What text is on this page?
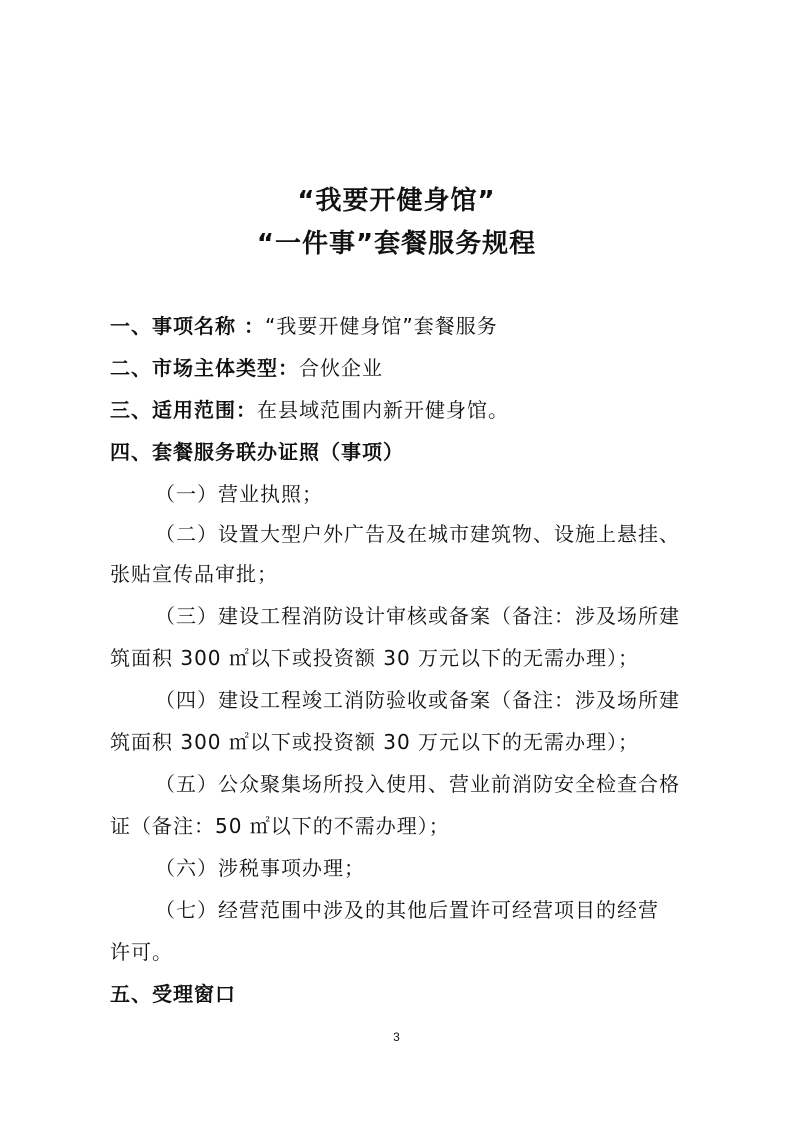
“我要开健身馆”
“一件事”套餐服务规程
一、事项名称 ：“我要开健身馆”套餐服务
二、市场主体类型：合伙企业
三、适用范围：在县域范围内新开健身馆。
四、套餐服务联办证照（事项）
（一）营业执照；
（二）设置大型户外广告及在城市建筑物、设施上悬挂、
张贴宣传品审批；
（三）建设工程消防设计审核或备案（备注：涉及场所建
筑面积 300 ㎡以下或投资额 30 万元以下的无需办理）；
（四）建设工程竣工消防验收或备案（备注：涉及场所建
筑面积 300 ㎡以下或投资额 30 万元以下的无需办理）；
（五）公众聚集场所投入使用、营业前消防安全检查合格
证（备注：50 ㎡以下的不需办理）；
（六）涉税事项办理；
（七）经营范围中涉及的其他后置许可经营项目的经营
许可。
五、受理窗口
3
